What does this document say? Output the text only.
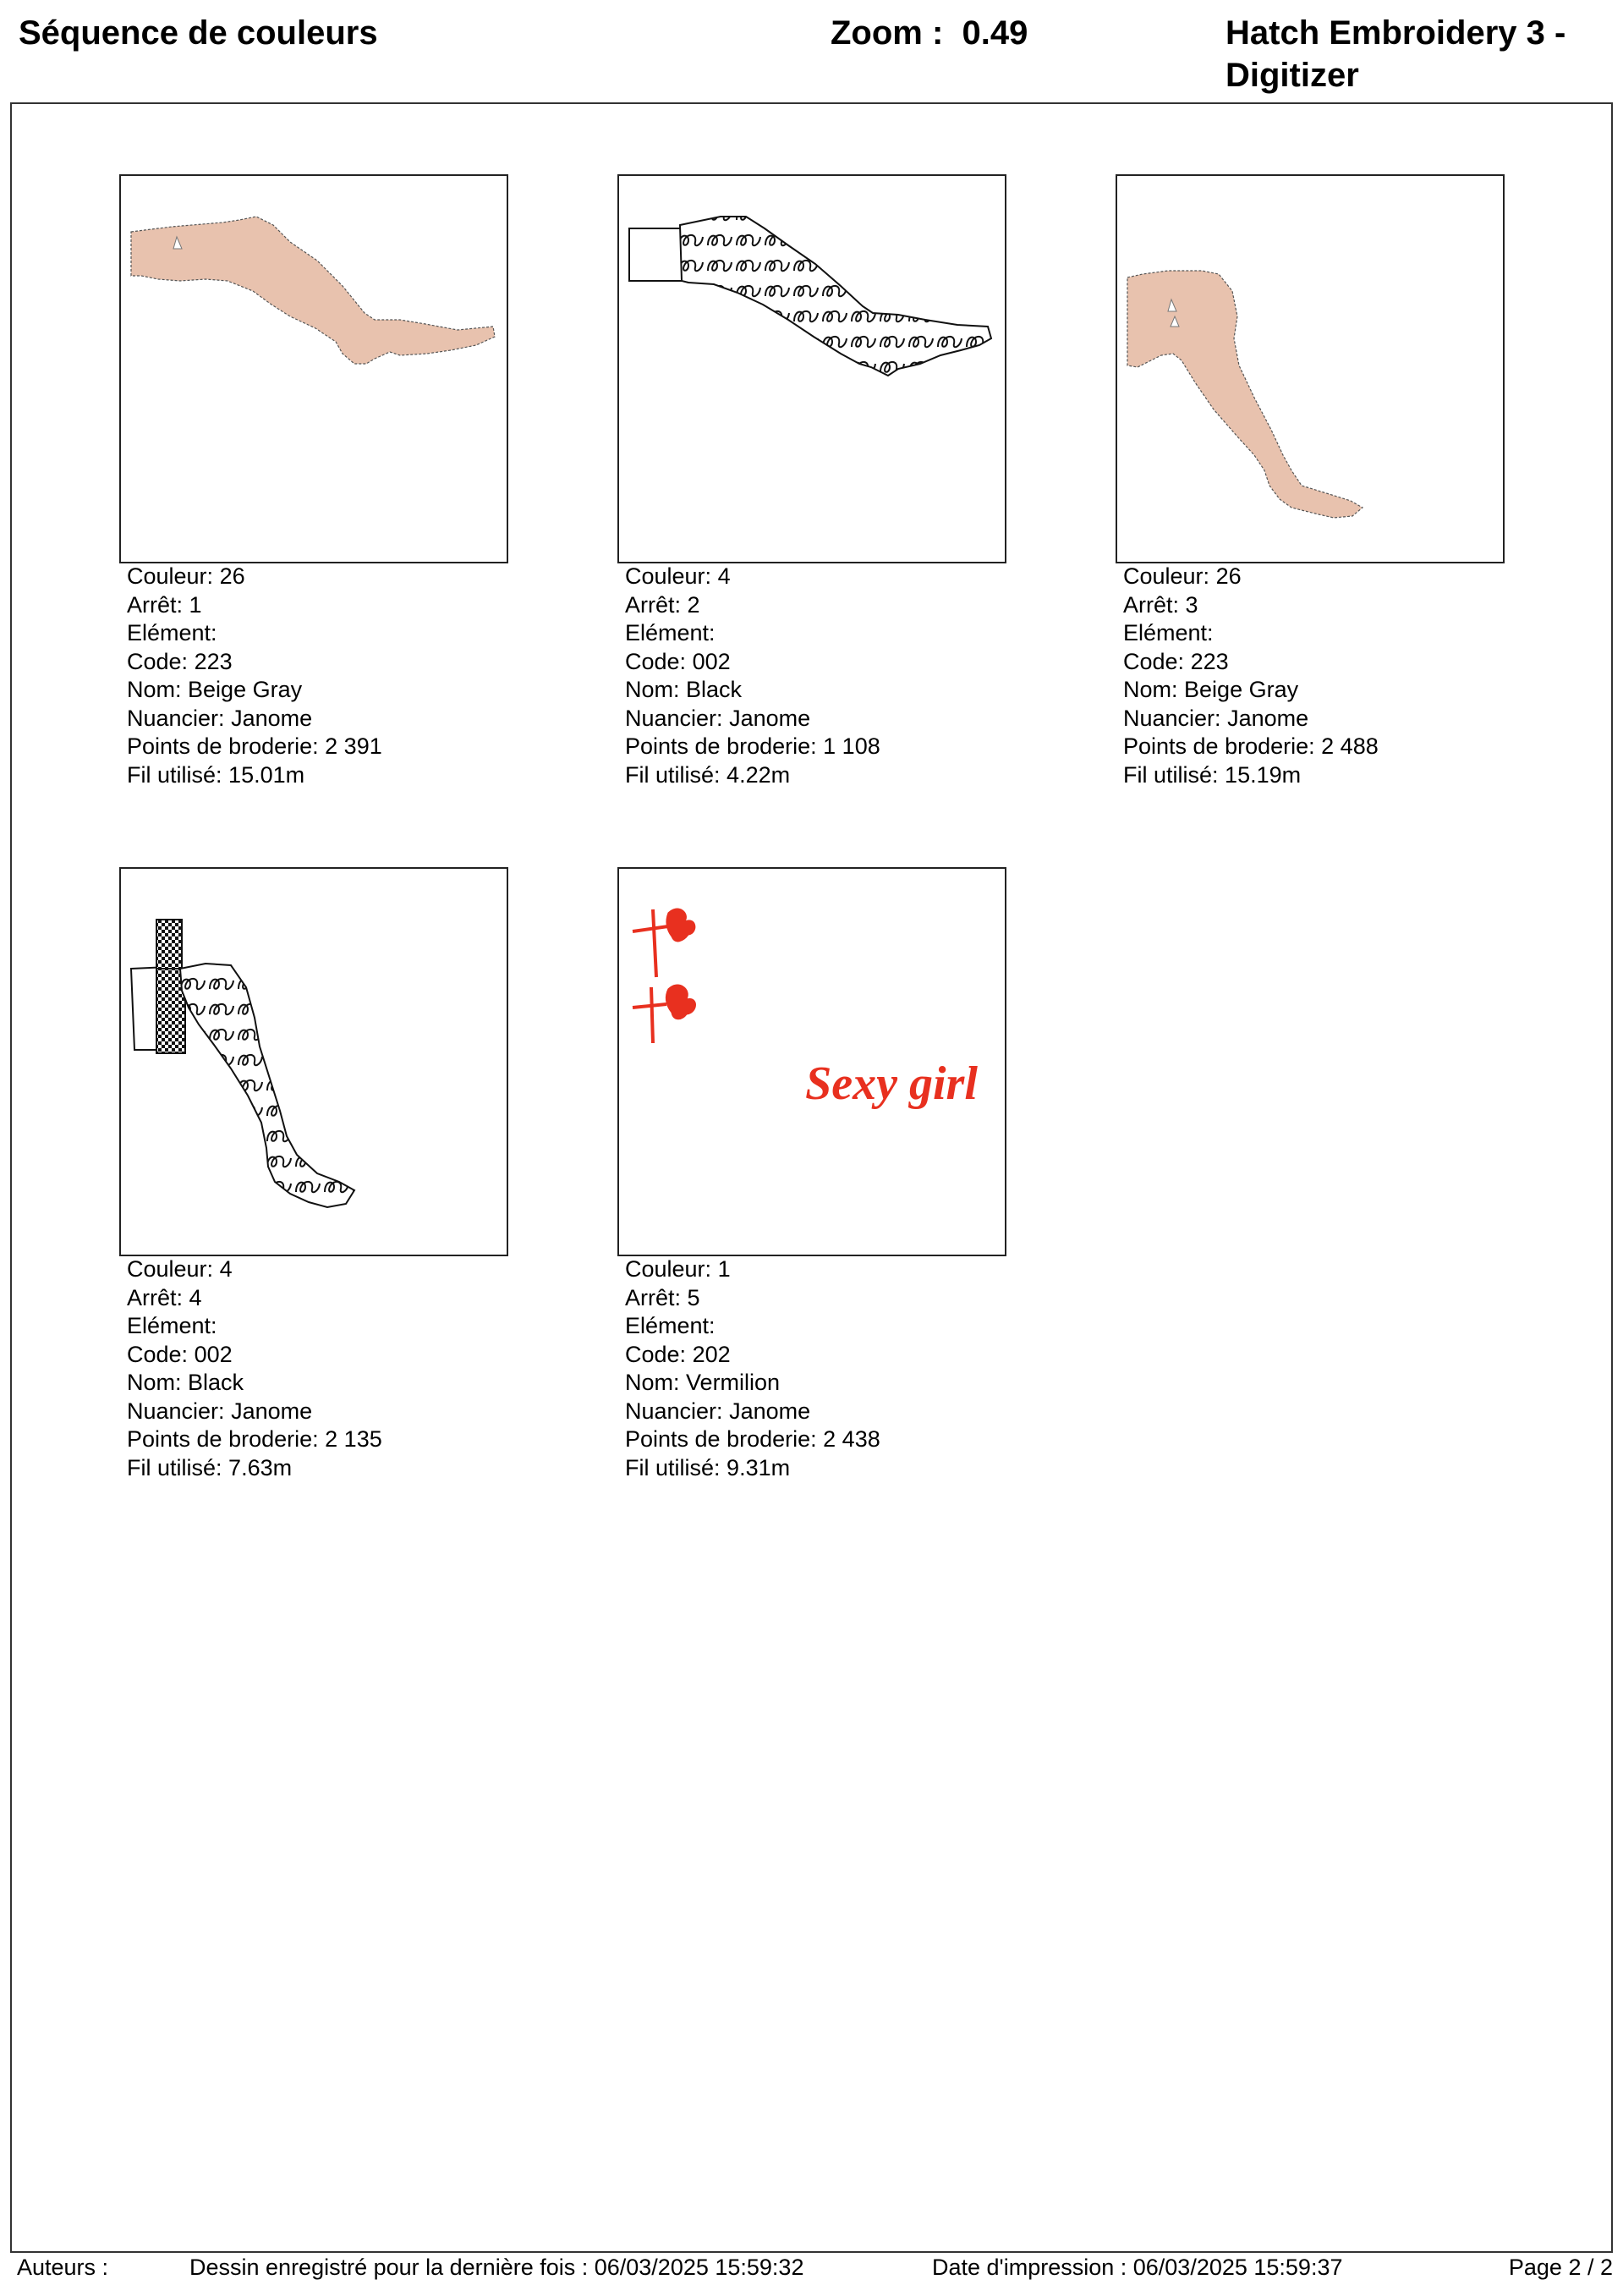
Séquence de couleurs	Zoom : 0.49	Hatch Embroidery 3 - Digitizer
Couleur: 26
Arrêt: 1
Elément:
Code: 223
Nom: Beige Gray
Nuancier: Janome
Points de broderie: 2 391
Fil utilisé: 15.01m
Couleur: 4
Arrêt: 2
Elément:
Code: 002
Nom: Black
Nuancier: Janome
Points de broderie: 1 108
Fil utilisé: 4.22m
Couleur: 26
Arrêt: 3
Elément:
Code: 223
Nom: Beige Gray
Nuancier: Janome
Points de broderie: 2 488
Fil utilisé: 15.19m
Couleur: 4
Arrêt: 4
Elément:
Code: 002
Nom: Black
Nuancier: Janome
Points de broderie: 2 135
Fil utilisé: 7.63m
Sexy girl
Couleur: 1
Arrêt: 5
Elément:
Code: 202
Nom: Vermilion
Nuancier: Janome
Points de broderie: 2 438
Fil utilisé: 9.31m
Auteurs :	Dessin enregistré pour la dernière fois : 06/03/2025 15:59:32	Date d'impression : 06/03/2025 15:59:37	Page 2 / 2
